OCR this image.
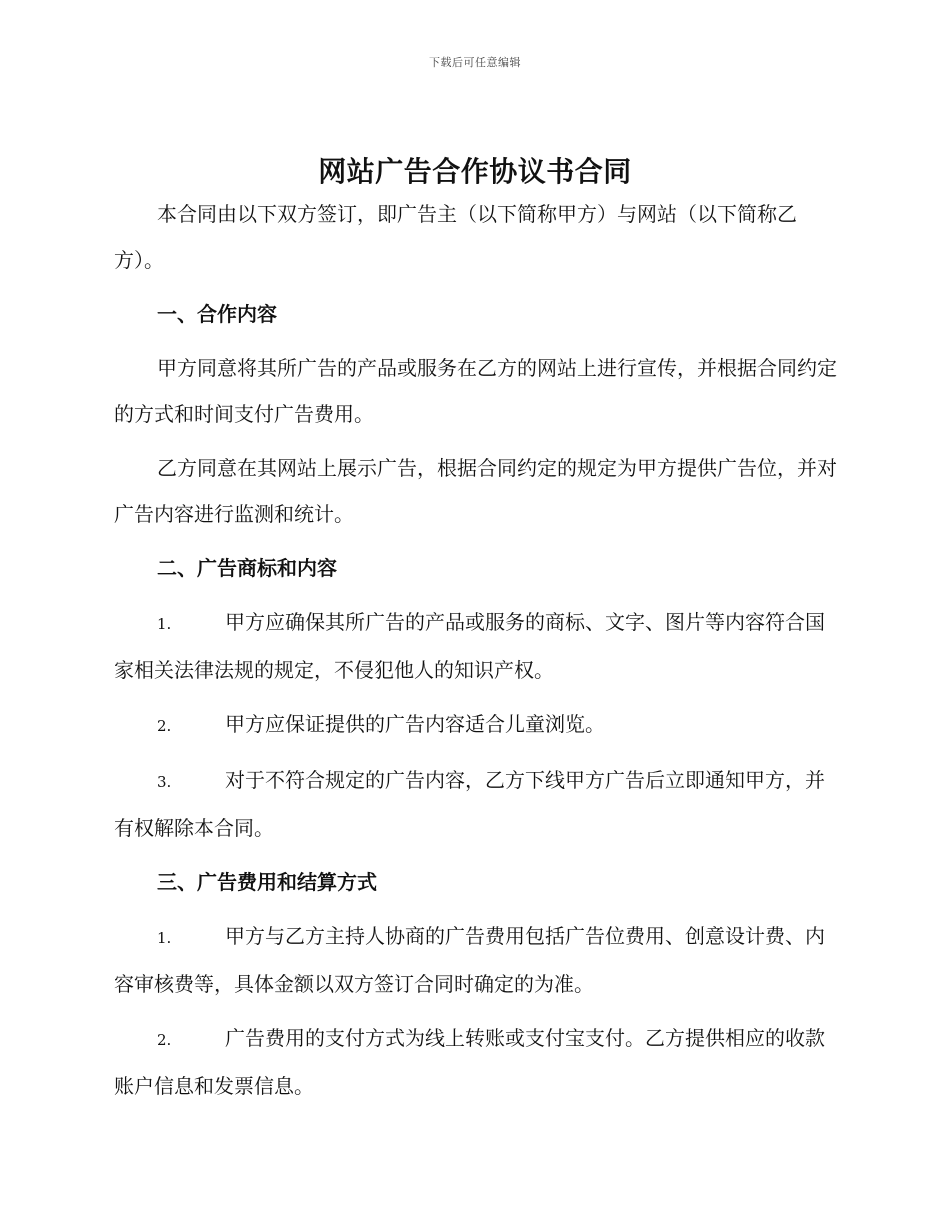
下载后可任意编辑
网站广告合作协议书合同

本合同由以下双方签订，即广告主（以下简称甲方）与网站（以下简称乙方）。

一、合作内容

甲方同意将其所广告的产品或服务在乙方的网站上进行宣传，并根据合同约定的方式和时间支付广告费用。

乙方同意在其网站上展示广告，根据合同约定的规定为甲方提供广告位，并对广告内容进行监测和统计。

二、广告商标和内容

1.	甲方应确保其所广告的产品或服务的商标、文字、图片等内容符合国家相关法律法规的规定，不侵犯他人的知识产权。

2.	甲方应保证提供的广告内容适合儿童浏览。

3.	对于不符合规定的广告内容，乙方下线甲方广告后立即通知甲方，并有权解除本合同。

三、广告费用和结算方式

1.	甲方与乙方主持人协商的广告费用包括广告位费用、创意设计费、内容审核费等，具体金额以双方签订合同时确定的为准。

2.	广告费用的支付方式为线上转账或支付宝支付。乙方提供相应的收款账户信息和发票信息。
